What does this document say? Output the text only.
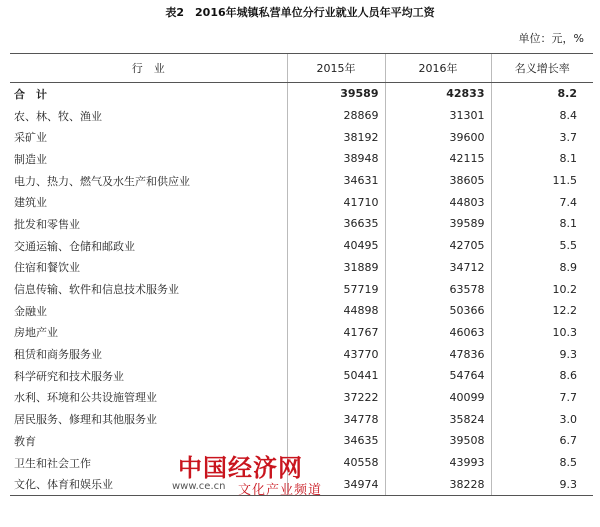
表2　2016年城镇私营单位分行业就业人员年平均工资
单位：元，%
行　业	2015年	2016年	名义增长率
合　计	39589	42833	8.2
农、林、牧、渔业	28869	31301	8.4
采矿业	38192	39600	3.7
制造业	38948	42115	8.1
电力、热力、燃气及水生产和供应业	34631	38605	11.5
建筑业	41710	44803	7.4
批发和零售业	36635	39589	8.1
交通运输、仓储和邮政业	40495	42705	5.5
住宿和餐饮业	31889	34712	8.9
信息传输、软件和信息技术服务业	57719	63578	10.2
金融业	44898	50366	12.2
房地产业	41767	46063	10.3
租赁和商务服务业	43770	47836	9.3
科学研究和技术服务业	50441	54764	8.6
水利、环境和公共设施管理业	37222	40099	7.7
居民服务、修理和其他服务业	34778	35824	3.0
教育	34635	39508	6.7
卫生和社会工作	40558	43993	8.5
文化、体育和娱乐业	34974	38228	9.3
中国经济网
www.ce.cn 文化产业频道
